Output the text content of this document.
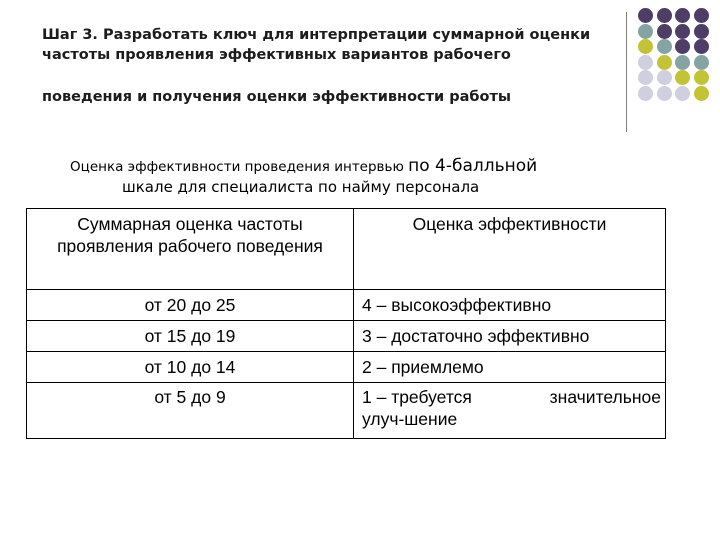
Шаг 3. Разработать ключ для интерпретации суммарной оценки
частоты проявления эффективных вариантов рабочего
поведения и получения оценки эффективности работы
Оценка эффективности проведения интервью по 4-балльной
шкале для специалиста по найму персонала
Суммарная оценка частоты проявления рабочего поведения	Оценка эффективности
от 20 до 25	4 – высокоэффективно
от 15 до 19	3 – достаточно эффективно
от 10 до 14	2 – приемлемо
от 5 до 9	1 – требуется значительное
улуч-шение
